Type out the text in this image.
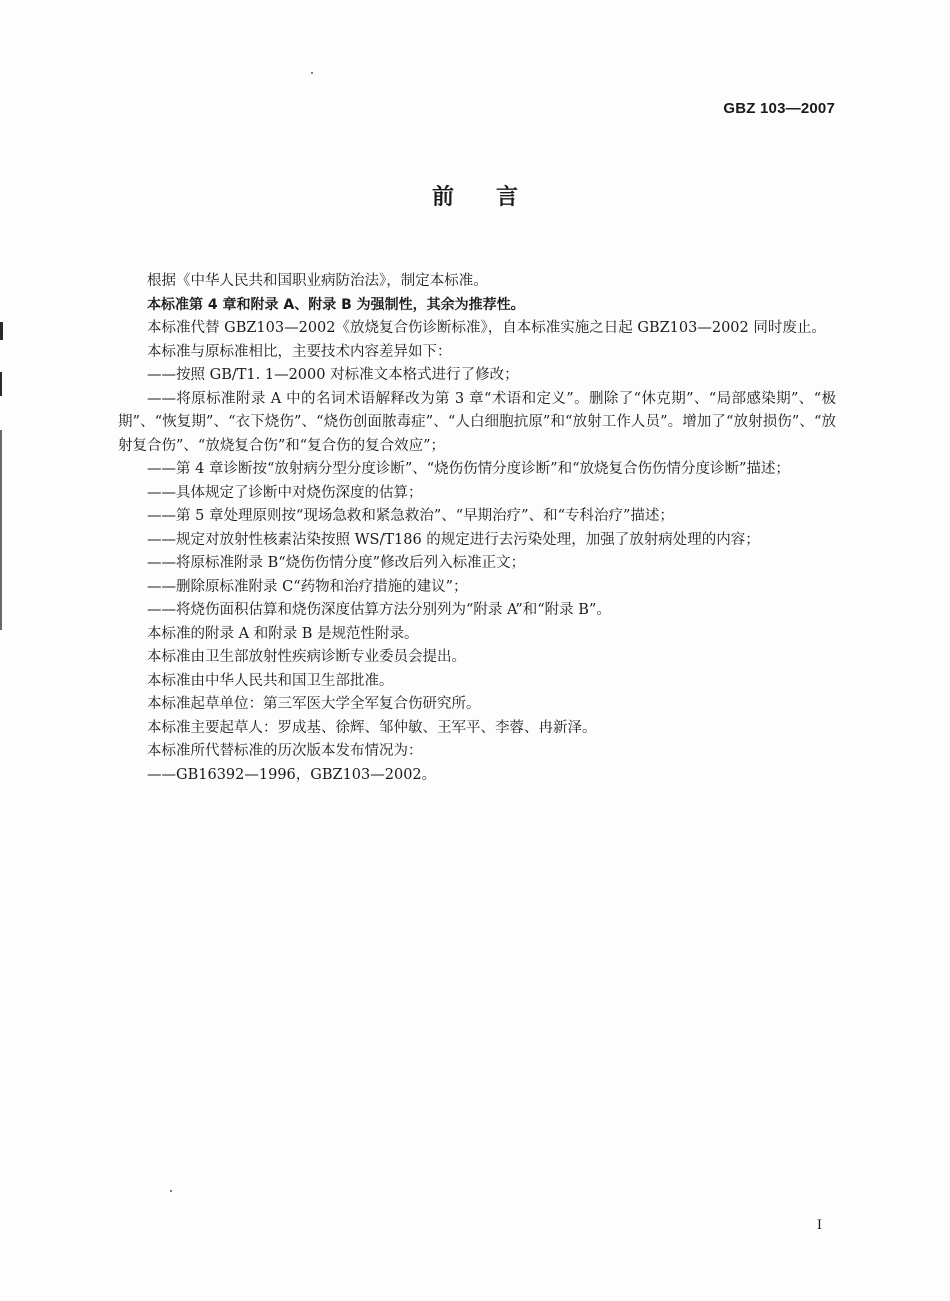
GBZ 103—2007
前言

根据《中华人民共和国职业病防治法》，制定本标准。

本标准第 4 章和附录 A、附录 B 为强制性，其余为推荐性。

本标准代替 GBZ103—2002《放烧复合伤诊断标准》，自本标准实施之日起 GBZ103—2002 同时废止。

本标准与原标准相比，主要技术内容差异如下：

——按照 GB/T1. 1—2000 对标准文本格式进行了修改；

——将原标准附录 A 中的名词术语解释改为第 3 章“术语和定义”。删除了“休克期”、“局部感染期”、“极期”、“恢复期”、“衣下烧伤”、“烧伤创面脓毒症”、“人白细胞抗原”和“放射工作人员”。增加了“放射损伤”、“放射复合伤”、“放烧复合伤”和“复合伤的复合效应”；

——第 4 章诊断按“放射病分型分度诊断”、“烧伤伤情分度诊断”和“放烧复合伤伤情分度诊断”描述；

——具体规定了诊断中对烧伤深度的估算；

——第 5 章处理原则按“现场急救和紧急救治”、“早期治疗”、和“专科治疗”描述；

——规定对放射性核素沾染按照 WS/T186 的规定进行去污染处理，加强了放射病处理的内容；

——将原标准附录 B“烧伤伤情分度”修改后列入标准正文；

——删除原标准附录 C“药物和治疗措施的建议”；

——将烧伤面积估算和烧伤深度估算方法分别列为“附录 A”和“附录 B”。

本标准的附录 A 和附录 B 是规范性附录。

本标准由卫生部放射性疾病诊断专业委员会提出。

本标准由中华人民共和国卫生部批准。

本标准起草单位：第三军医大学全军复合伤研究所。

本标准主要起草人：罗成基、徐辉、邹仲敏、王军平、李蓉、冉新泽。

本标准所代替标准的历次版本发布情况为：

——GB16392—1996，GBZ103—2002。

I
